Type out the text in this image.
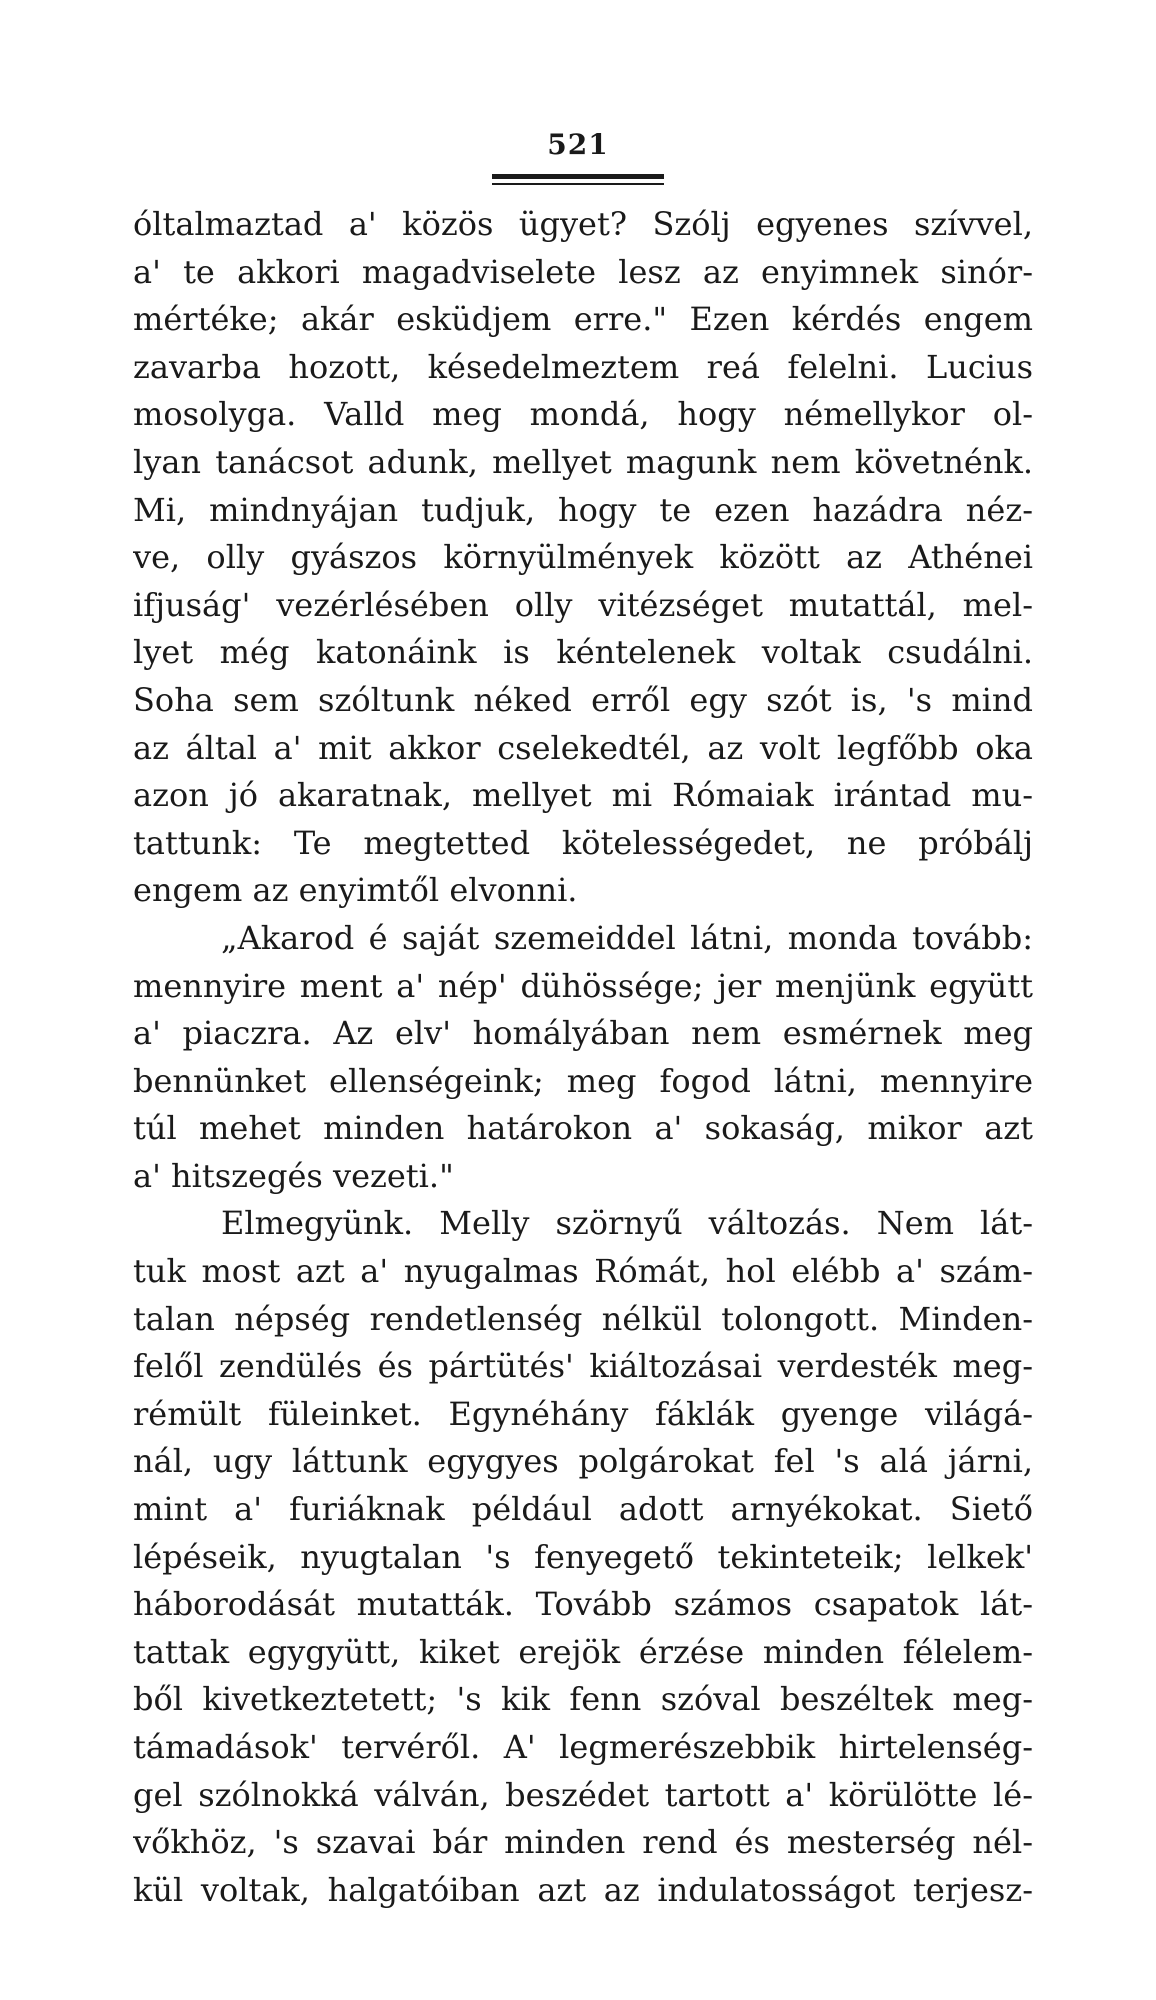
521
óltalmaztad a' közös ügyet? Szólj egyenes szívvel,
a' te akkori magadviselete lesz az enyimnek sinór-
mértéke; akár esküdjem erre." Ezen kérdés engem
zavarba hozott, késedelmeztem reá felelni. Lucius
mosolyga. Valld meg mondá, hogy némellykor ol-
lyan tanácsot adunk, mellyet magunk nem követnénk.
Mi, mindnyájan tudjuk, hogy te ezen hazádra néz-
ve, olly gyászos környülmények között az Athénei
ifjuság' vezérlésében olly vitézséget mutattál, mel-
lyet még katonáink is kéntelenek voltak csudálni.
Soha sem szóltunk néked erről egy szót is, 's mind
az által a' mit akkor cselekedtél, az volt legfőbb oka
azon jó akaratnak, mellyet mi Rómaiak irántad mu-
tattunk: Te megtetted kötelességedet, ne próbálj
engem az enyimtől elvonni.
„Akarod é saját szemeiddel látni, monda tovább:
mennyire ment a' nép' dühössége; jer menjünk együtt
a' piaczra. Az elv' homályában nem esmérnek meg
bennünket ellenségeink; meg fogod látni, mennyire
túl mehet minden határokon a' sokaság, mikor azt
a' hitszegés vezeti."
Elmegyünk. Melly szörnyű változás. Nem lát-
tuk most azt a' nyugalmas Rómát, hol elébb a' szám-
talan népség rendetlenség nélkül tolongott. Minden-
felől zendülés és pártütés' kiáltozásai verdesték meg-
rémült füleinket. Egynéhány fáklák gyenge világá-
nál, ugy láttunk egygyes polgárokat fel 's alá járni,
mint a' furiáknak például adott arnyékokat. Siető
lépéseik, nyugtalan 's fenyegető tekinteteik; lelkek'
háborodását mutatták. Tovább számos csapatok lát-
tattak egygyütt, kiket erejök érzése minden félelem-
ből kivetkeztetett; 's kik fenn szóval beszéltek meg-
támadások' tervéről. A' legmerészebbik hirtelenség-
gel szólnokká válván, beszédet tartott a' körülötte lé-
vőkhöz, 's szavai bár minden rend és mesterség nél-
kül voltak, halgatóiban azt az indulatosságot terjesz-
